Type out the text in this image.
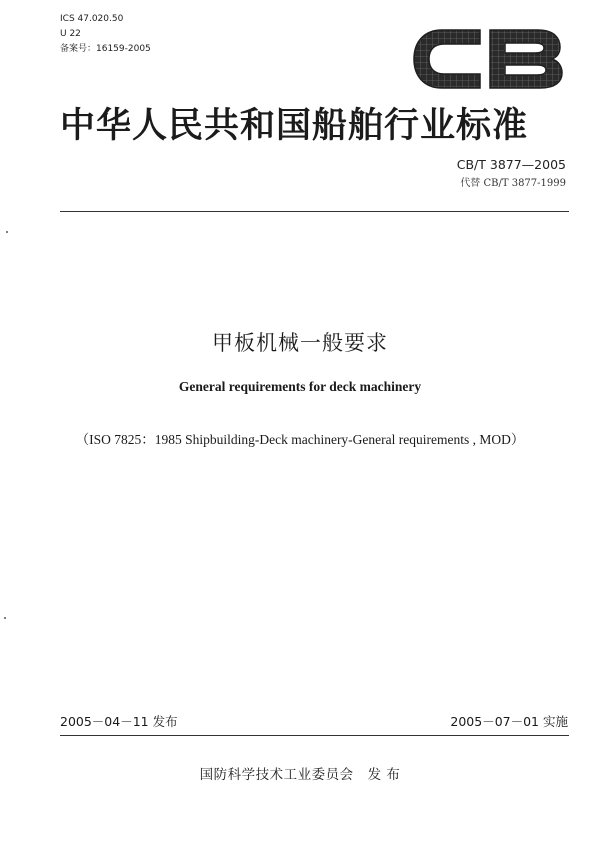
ICS 47.020.50
U 22
备案号：16159-2005
中华人民共和国船舶行业标准
CB/T 3877—2005
代替 CB/T 3877-1999
甲板机械一般要求
General requirements for deck machinery
（ISO 7825：1985 Shipbuilding-Deck machinery-General requirements , MOD）
2005－04－11 发布	2005－07－01 实施
国防科学技术工业委员会 发 布
